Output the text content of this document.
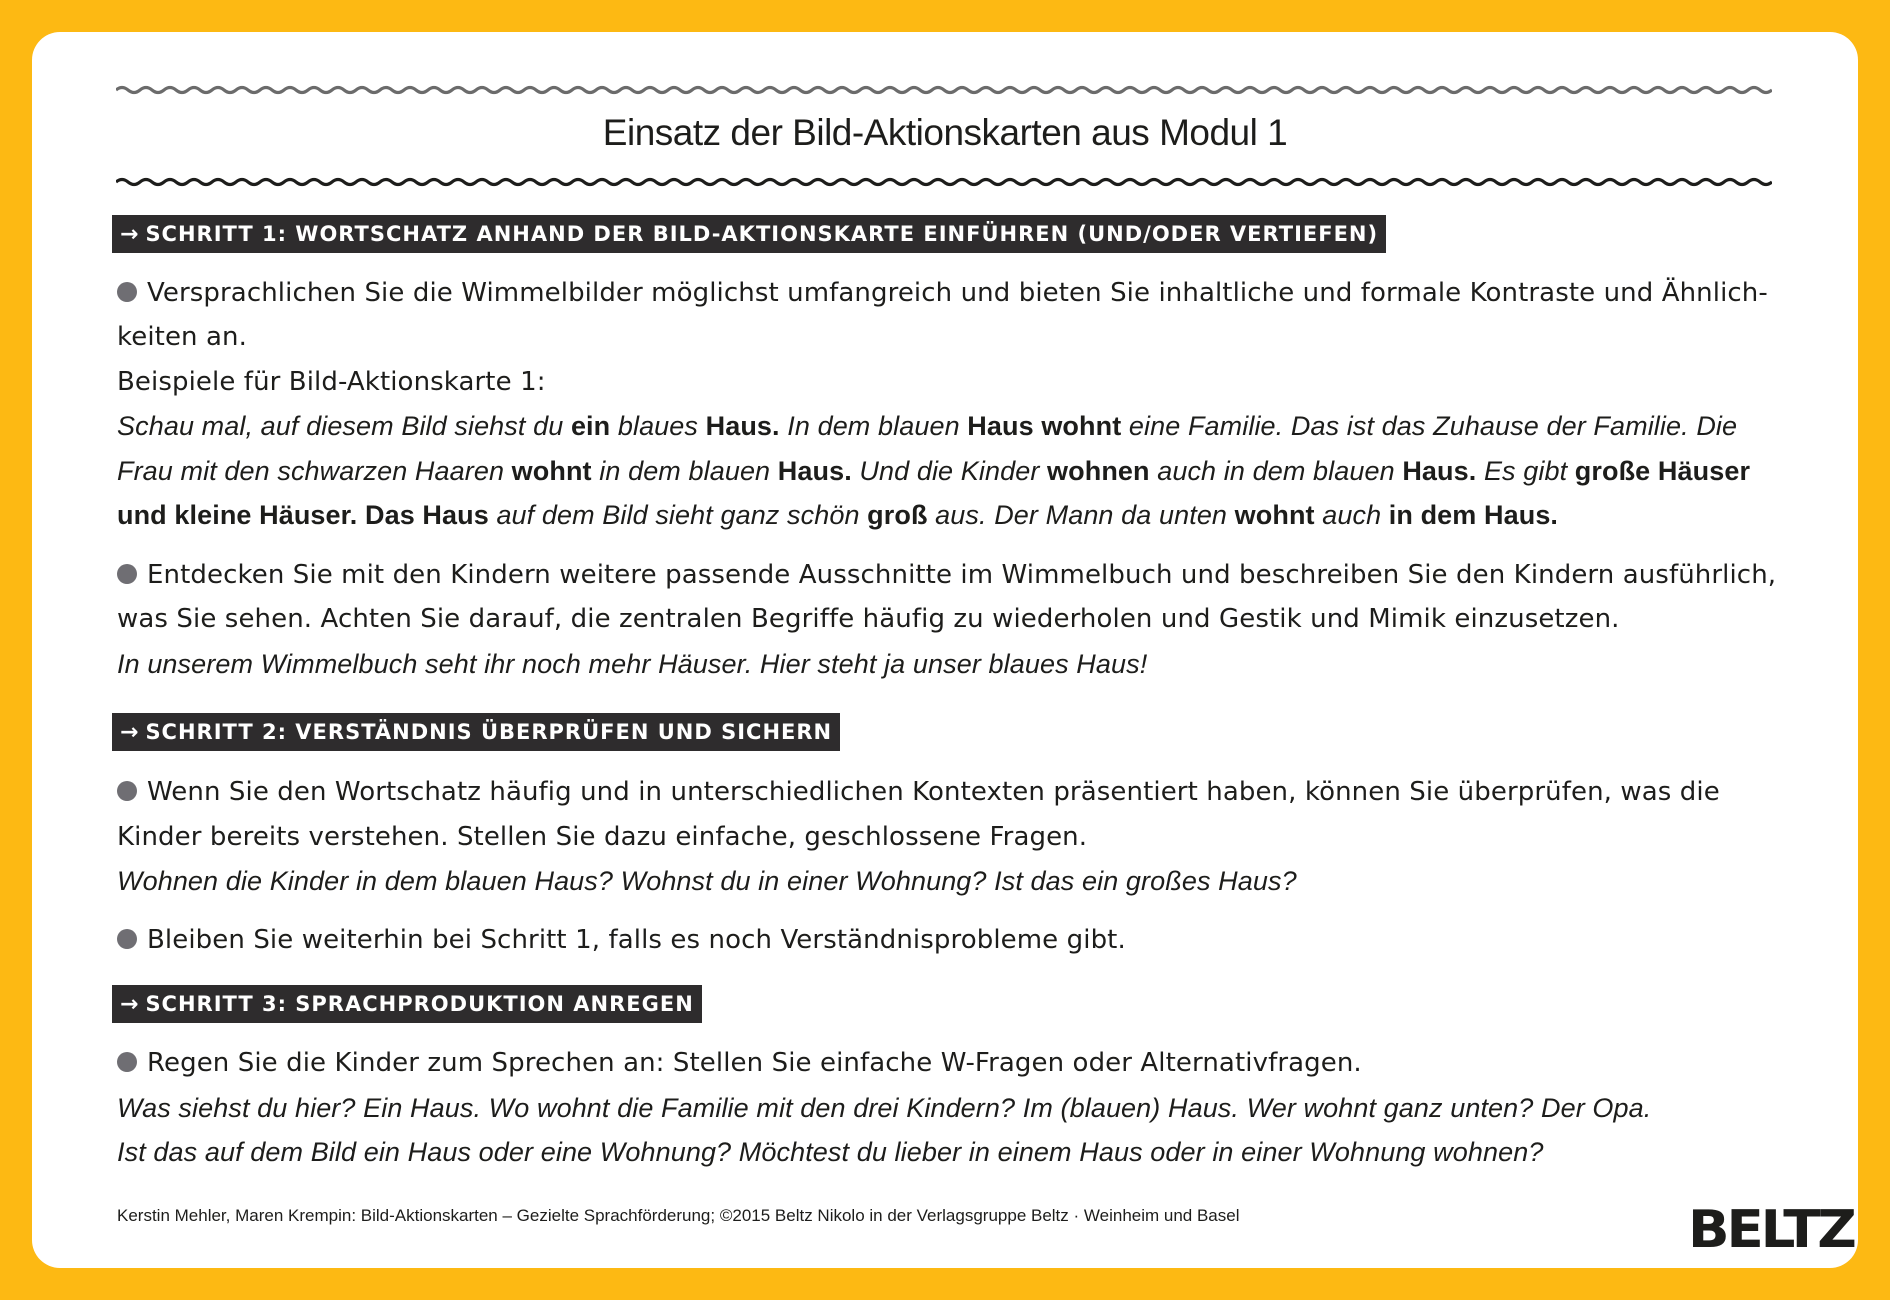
Einsatz der Bild-Aktionskarten aus Modul 1
→ SCHRITT 1: WORTSCHATZ ANHAND DER BILD-AKTIONSKARTE EINFÜHREN (UND/ODER VERTIEFEN)
Versprachlichen Sie die Wimmelbilder möglichst umfangreich und bieten Sie inhaltliche und formale Kontraste und Ähnlich-
keiten an.
Beispiele für Bild-Aktionskarte 1:
Schau mal, auf diesem Bild siehst du ein blaues Haus. In dem blauen Haus wohnt eine Familie. Das ist das Zuhause der Familie. Die
Frau mit den schwarzen Haaren wohnt in dem blauen Haus. Und die Kinder wohnen auch in dem blauen Haus. Es gibt große Häuser
und kleine Häuser. Das Haus auf dem Bild sieht ganz schön groß aus. Der Mann da unten wohnt auch in dem Haus.
Entdecken Sie mit den Kindern weitere passende Ausschnitte im Wimmelbuch und beschreiben Sie den Kindern ausführlich,
was Sie sehen. Achten Sie darauf, die zentralen Begriffe häufig zu wiederholen und Gestik und Mimik einzusetzen.
In unserem Wimmelbuch seht ihr noch mehr Häuser. Hier steht ja unser blaues Haus!
→ SCHRITT 2: VERSTÄNDNIS ÜBERPRÜFEN UND SICHERN
Wenn Sie den Wortschatz häufig und in unterschiedlichen Kontexten präsentiert haben, können Sie überprüfen, was die
Kinder bereits verstehen. Stellen Sie dazu einfache, geschlossene Fragen.
Wohnen die Kinder in dem blauen Haus? Wohnst du in einer Wohnung? Ist das ein großes Haus?
Bleiben Sie weiterhin bei Schritt 1, falls es noch Verständnisprobleme gibt.
→ SCHRITT 3: SPRACHPRODUKTION ANREGEN
Regen Sie die Kinder zum Sprechen an: Stellen Sie einfache W-Fragen oder Alternativfragen.
Was siehst du hier? Ein Haus. Wo wohnt die Familie mit den drei Kindern? Im (blauen) Haus. Wer wohnt ganz unten? Der Opa.
Ist das auf dem Bild ein Haus oder eine Wohnung? Möchtest du lieber in einem Haus oder in einer Wohnung wohnen?
Kerstin Mehler, Maren Krempin: Bild-Aktionskarten – Gezielte Sprachförderung; ©2015 Beltz Nikolo in der Verlagsgruppe Beltz · Weinheim und Basel	BELTZ
